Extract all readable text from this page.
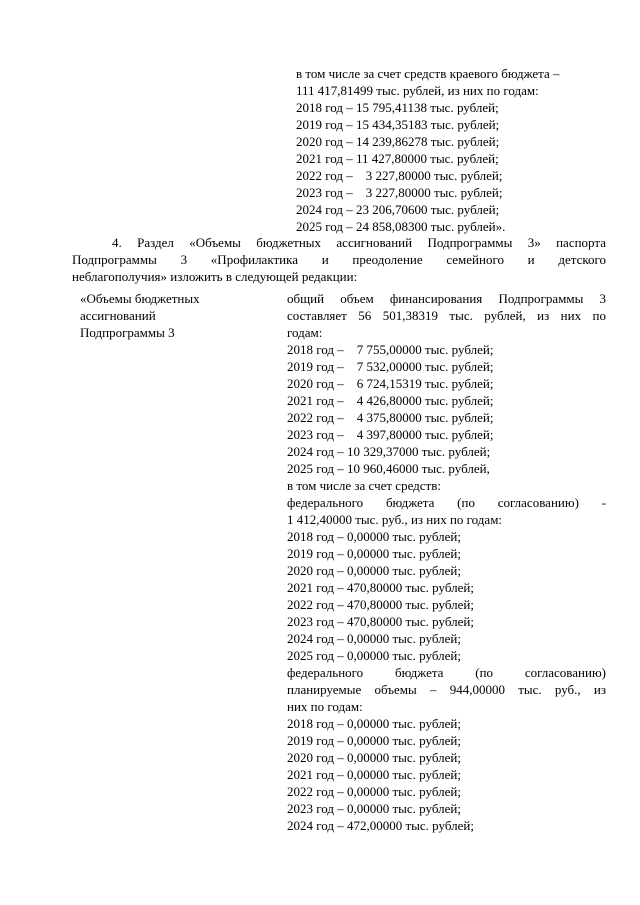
в том числе за счет средств краевого бюджета –
111 417,81499 тыс. рублей, из них по годам:
2018 год – 15 795,41138 тыс. рублей;
2019 год – 15 434,35183 тыс. рублей;
2020 год – 14 239,86278 тыс. рублей;
2021 год – 11 427,80000 тыс. рублей;
2022 год –    3 227,80000 тыс. рублей;
2023 год –    3 227,80000 тыс. рублей;
2024 год – 23 206,70600 тыс. рублей;
2025 год – 24 858,08300 тыс. рублей».
4. Раздел «Объемы бюджетных ассигнований Подпрограммы 3» паспорта
Подпрограммы 3 «Профилактика и преодоление семейного и детского
неблагополучия» изложить в следующей редакции:
«Объемы бюджетных
ассигнований
Подпрограммы 3
общий объем финансирования Подпрограммы 3
составляет 56 501,38319 тыс. рублей, из них по
годам:
2018 год –    7 755,00000 тыс. рублей;
2019 год –    7 532,00000 тыс. рублей;
2020 год –    6 724,15319 тыс. рублей;
2021 год –    4 426,80000 тыс. рублей;
2022 год –    4 375,80000 тыс. рублей;
2023 год –    4 397,80000 тыс. рублей;
2024 год – 10 329,37000 тыс. рублей;
2025 год – 10 960,46000 тыс. рублей,
в том числе за счет средств:
федерального бюджета (по согласованию) -
1 412,40000 тыс. руб., из них по годам:
2018 год – 0,00000 тыс. рублей;
2019 год – 0,00000 тыс. рублей;
2020 год – 0,00000 тыс. рублей;
2021 год – 470,80000 тыс. рублей;
2022 год – 470,80000 тыс. рублей;
2023 год – 470,80000 тыс. рублей;
2024 год – 0,00000 тыс. рублей;
2025 год – 0,00000 тыс. рублей;
федерального бюджета (по согласованию)
планируемые объемы – 944,00000 тыс. руб., из
них по годам:
2018 год – 0,00000 тыс. рублей;
2019 год – 0,00000 тыс. рублей;
2020 год – 0,00000 тыс. рублей;
2021 год – 0,00000 тыс. рублей;
2022 год – 0,00000 тыс. рублей;
2023 год – 0,00000 тыс. рублей;
2024 год – 472,00000 тыс. рублей;
